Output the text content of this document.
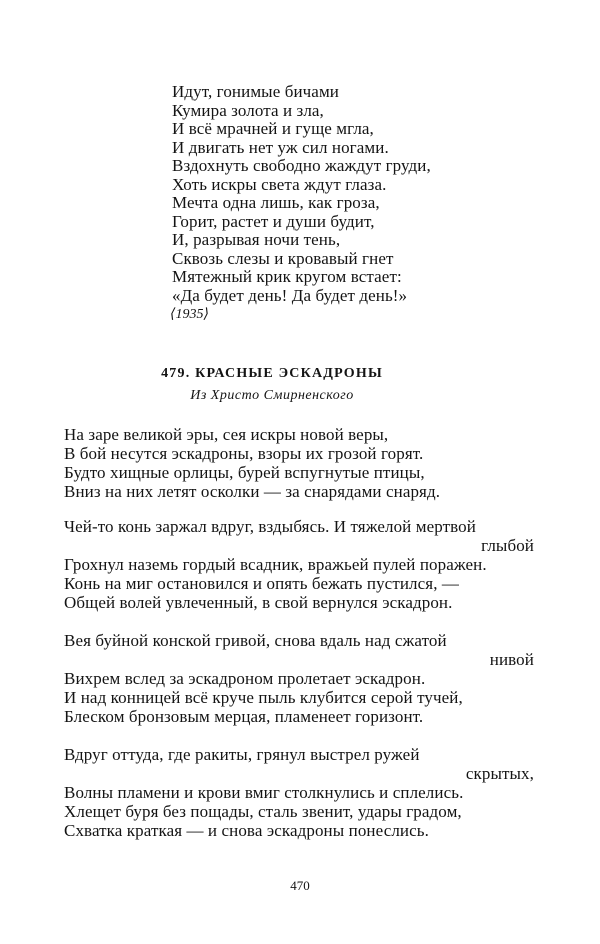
Идут, гонимые бичами
Кумира золота и зла,
И всё мрачней и гуще мгла,
И двигать нет уж сил ногами.
Вздохнуть свободно жаждут груди,
Хоть искры света ждут глаза.
Мечта одна лишь, как гроза,
Горит, растет и души будит,
И, разрывая ночи тень,
Сквозь слезы и кровавый гнет
Мятежный крик кругом встает:
«Да будет день! Да будет день!»
⟨1935⟩
479. КРАСНЫЕ ЭСКАДРОНЫ
Из Христо Смирненского
На заре великой эры, сея искры новой веры,
В бой несутся эскадроны, взоры их грозой горят.
Будто хищные орлицы, бурей вспугнутые птицы,
Вниз на них летят осколки — за снарядами снаряд.
Чей-то конь заржал вдруг, вздыбясь. И тяжелой мертвой
глыбой
Грохнул наземь гордый всадник, вражьей пулей поражен.
Конь на миг остановился и опять бежать пустился, —
Общей волей увлеченный, в свой вернулся эскадрон.
Вея буйной конской гривой, снова вдаль над сжатой
нивой
Вихрем вслед за эскадроном пролетает эскадрон.
И над конницей всё круче пыль клубится серой тучей,
Блеском бронзовым мерцая, пламенеет горизонт.
Вдруг оттуда, где ракиты, грянул выстрел ружей
скрытых,
Волны пламени и крови вмиг столкнулись и сплелись.
Хлещет буря без пощады, сталь звенит, удары градом,
Схватка краткая — и снова эскадроны понеслись.
470
